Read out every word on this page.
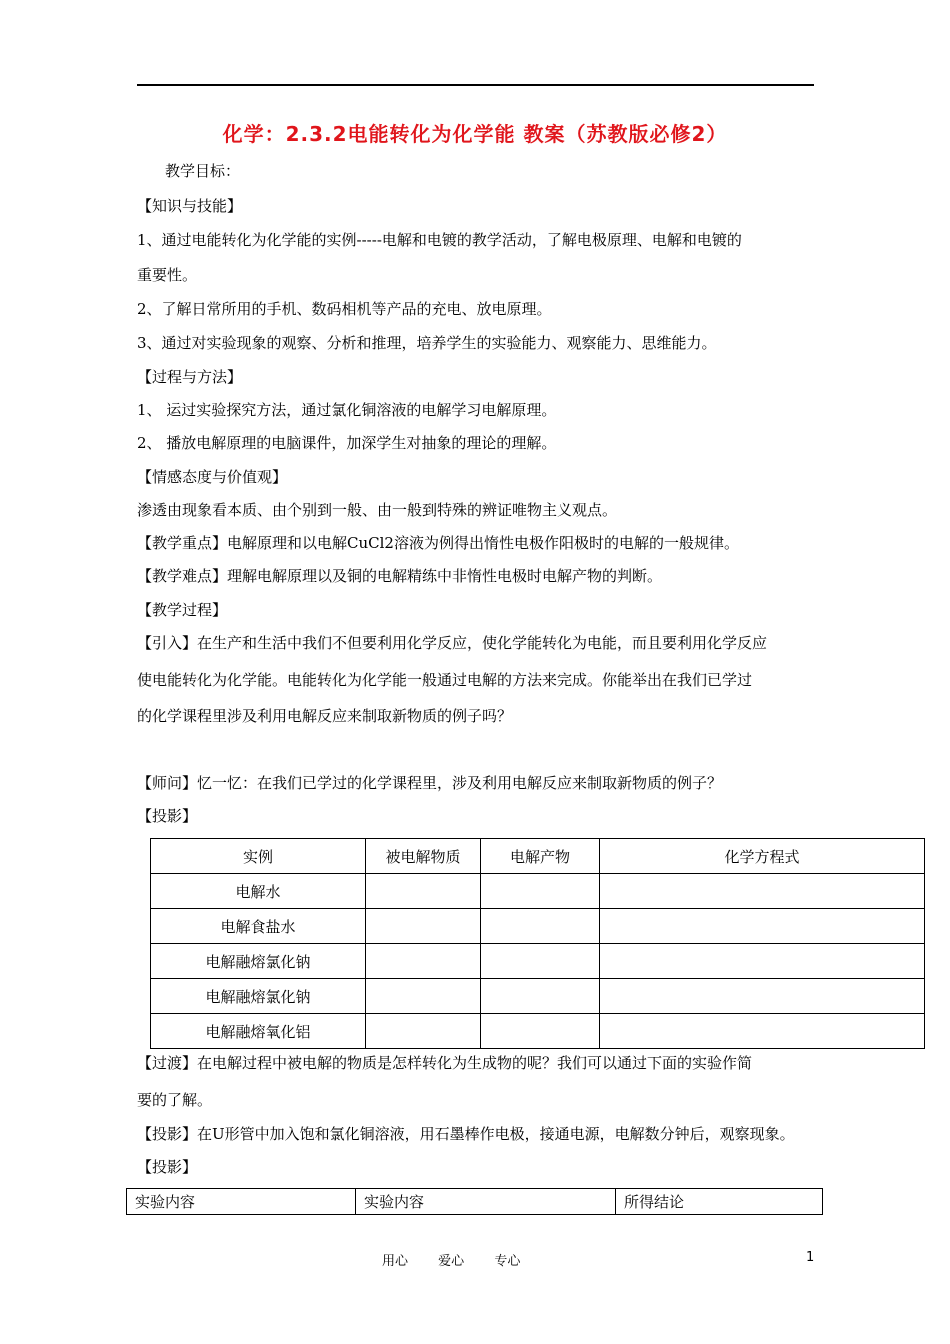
化学：2.3.2电能转化为化学能 教案（苏教版必修2）
教学目标：
【知识与技能】
1、通过电能转化为化学能的实例-----电解和电镀的教学活动，了解电极原理、电解和电镀的
重要性。
2、了解日常所用的手机、数码相机等产品的充电、放电原理。
3、通过对实验现象的观察、分析和推理，培养学生的实验能力、观察能力、思维能力。
【过程与方法】
1、 运过实验探究方法，通过氯化铜溶液的电解学习电解原理。
2、 播放电解原理的电脑课件，加深学生对抽象的理论的理解。
【情感态度与价值观】
渗透由现象看本质、由个别到一般、由一般到特殊的辨证唯物主义观点。
【教学重点】电解原理和以电解CuCl2溶液为例得出惰性电极作阳极时的电解的一般规律。
【教学难点】理解电解原理以及铜的电解精练中非惰性电极时电解产物的判断。
【教学过程】
【引入】在生产和生活中我们不但要利用化学反应，使化学能转化为电能，而且要利用化学反应
使电能转化为化学能。电能转化为化学能一般通过电解的方法来完成。你能举出在我们已学过
的化学课程里涉及利用电解反应来制取新物质的例子吗？
【师问】忆一忆：在我们已学过的化学课程里，涉及利用电解反应来制取新物质的例子？
【投影】
实例	被电解物质	电解产物	化学方程式
电解水			
电解食盐水			
电解融熔氯化钠			
电解融熔氯化钠			
电解融熔氧化铝			
【过渡】在电解过程中被电解的物质是怎样转化为生成物的呢？我们可以通过下面的实验作简
要的了解。
【投影】在U形管中加入饱和氯化铜溶液，用石墨棒作电极，接通电源，电解数分钟后，观察现象。
【投影】
实验内容	实验内容	所得结论
用心 爱心 专心	1
